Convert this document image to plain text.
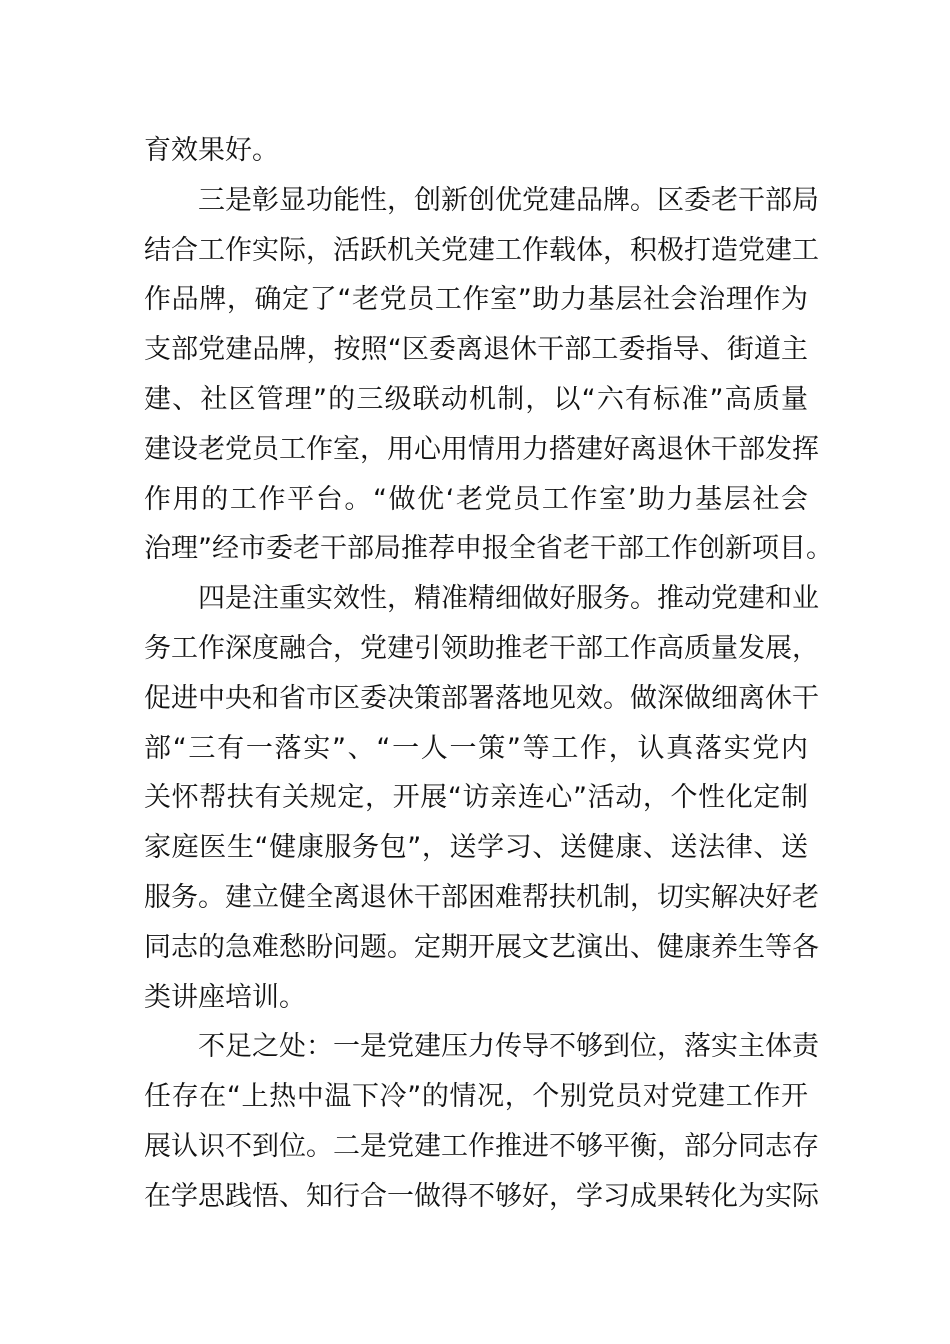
育效果好。
三是彰显功能性，创新创优党建品牌。区委老干部局
结合工作实际，活跃机关党建工作载体，积极打造党建工
作品牌，确定了“老党员工作室”助力基层社会治理作为
支部党建品牌，按照“区委离退休干部工委指导、街道主
建、社区管理”的三级联动机制，以“六有标准”高质量
建设老党员工作室，用心用情用力搭建好离退休干部发挥
作用的工作平台。“做优‘老党员工作室’助力基层社会
治理”经市委老干部局推荐申报全省老干部工作创新项目。
四是注重实效性，精准精细做好服务。推动党建和业
务工作深度融合，党建引领助推老干部工作高质量发展，
促进中央和省市区委决策部署落地见效。做深做细离休干
部“三有一落实”、“一人一策”等工作，认真落实党内
关怀帮扶有关规定，开展“访亲连心”活动，个性化定制
家庭医生“健康服务包”，送学习、送健康、送法律、送
服务。建立健全离退休干部困难帮扶机制，切实解决好老
同志的急难愁盼问题。定期开展文艺演出、健康养生等各
类讲座培训。
不足之处：一是党建压力传导不够到位，落实主体责
任存在“上热中温下冷”的情况，个别党员对党建工作开
展认识不到位。二是党建工作推进不够平衡，部分同志存
在学思践悟、知行合一做得不够好，学习成果转化为实际
